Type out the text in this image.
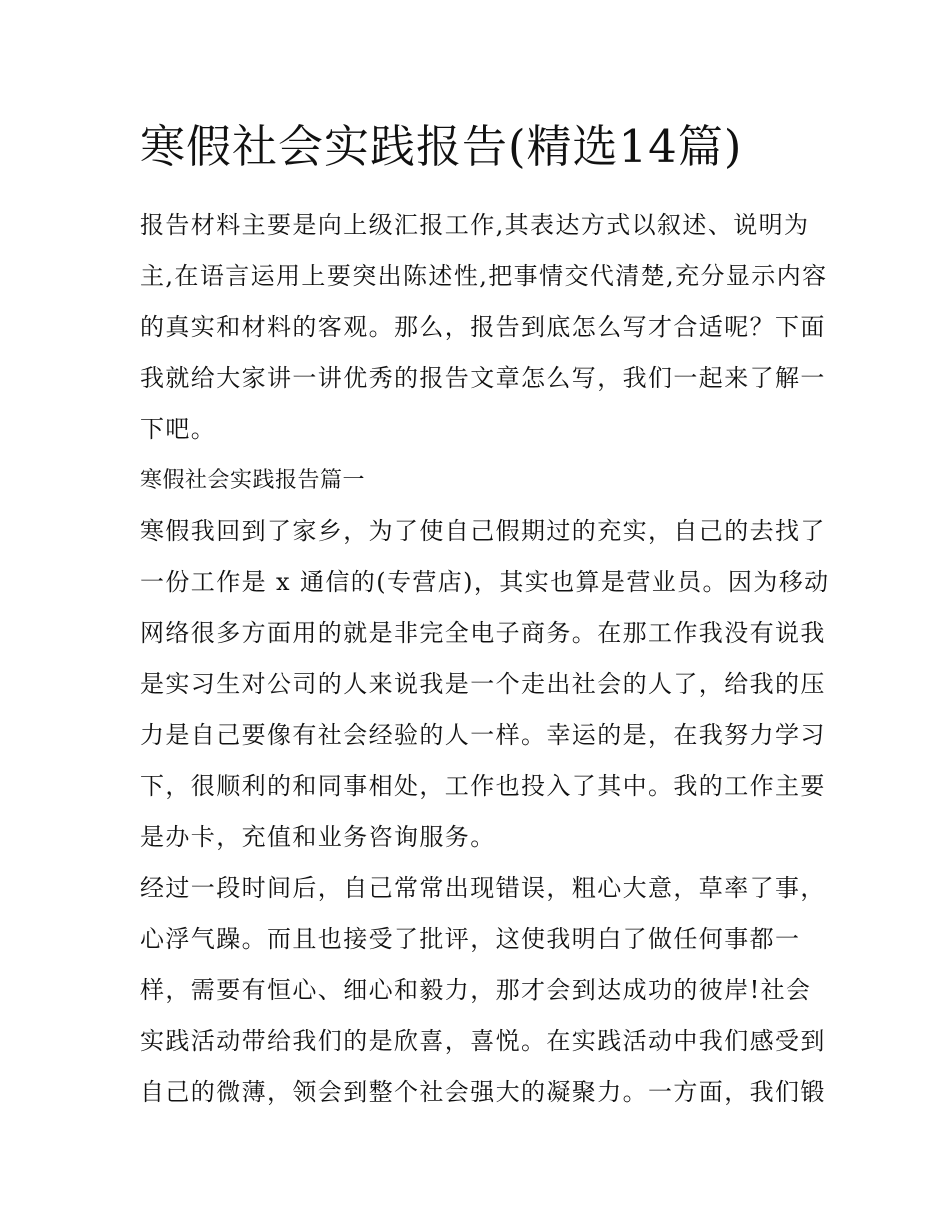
寒假社会实践报告(精选14篇)
报告材料主要是向上级汇报工作,其表达方式以叙述、说明为
主,在语言运用上要突出陈述性,把事情交代清楚,充分显示内容
的真实和材料的客观。那么，报告到底怎么写才合适呢？下面
我就给大家讲一讲优秀的报告文章怎么写，我们一起来了解一
下吧。
寒假社会实践报告篇一
寒假我回到了家乡，为了使自己假期过的充实，自己的去找了
一份工作是 x 通信的(专营店)，其实也算是营业员。因为移动
网络很多方面用的就是非完全电子商务。在那工作我没有说我
是实习生对公司的人来说我是一个走出社会的人了，给我的压
力是自己要像有社会经验的人一样。幸运的是，在我努力学习
下，很顺利的和同事相处，工作也投入了其中。我的工作主要
是办卡，充值和业务咨询服务。
经过一段时间后，自己常常出现错误，粗心大意，草率了事，
心浮气躁。而且也接受了批评，这使我明白了做任何事都一
样，需要有恒心、细心和毅力，那才会到达成功的彼岸!社会
实践活动带给我们的是欣喜，喜悦。在实践活动中我们感受到
自己的微薄，领会到整个社会强大的凝聚力。一方面，我们锻
